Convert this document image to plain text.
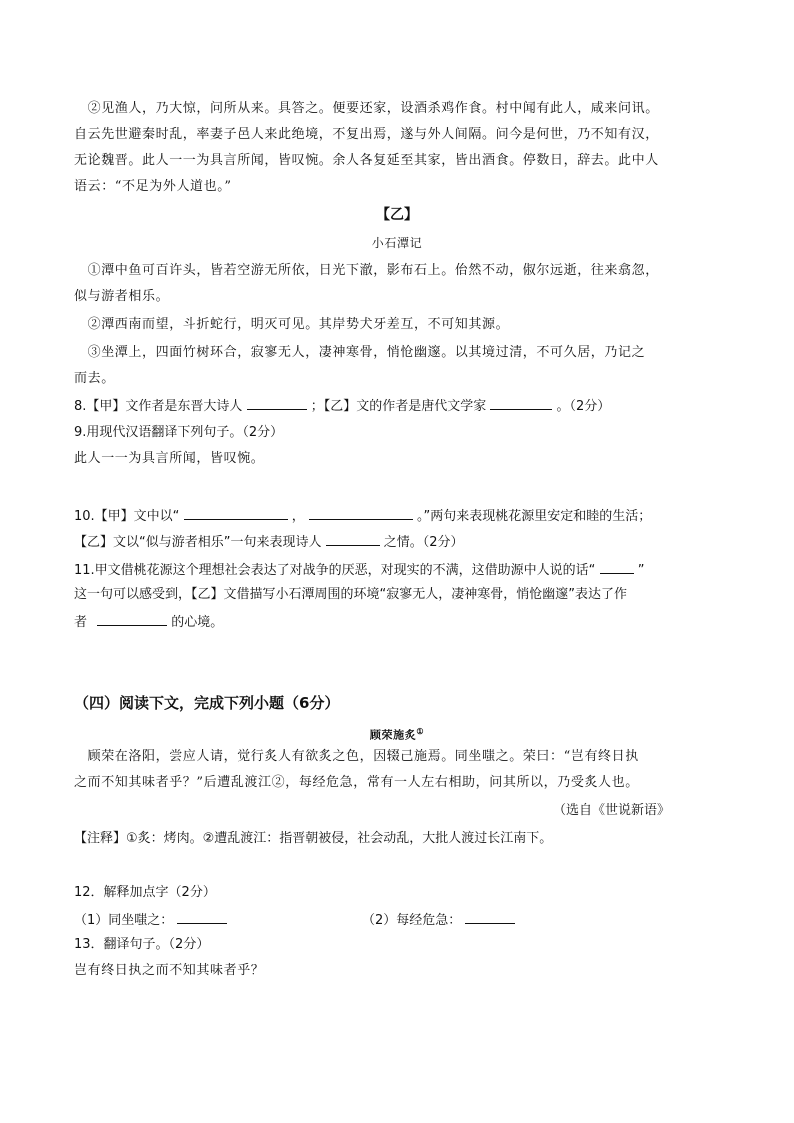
　②见渔人，乃大惊，问所从来。具答之。便要还家，设酒杀鸡作食。村中闻有此人，咸来问讯。
自云先世避秦时乱，率妻子邑人来此绝境，不复出焉，遂与外人间隔。问今是何世，乃不知有汉，
无论魏晋。此人一一为具言所闻，皆叹惋。余人各复延至其家，皆出酒食。停数日，辞去。此中人
语云：“不足为外人道也。”
【乙】
小石潭记
　①潭中鱼可百许头，皆若空游无所依，日光下澈，影布石上。佁然不动，俶尔远逝，往来翕忽，
似与游者相乐。
　②潭西南而望，斗折蛇行，明灭可见。其岸势犬牙差互，不可知其源。
　③坐潭上，四面竹树环合，寂寥无人，凄神寒骨，悄怆幽邃。以其境过清，不可久居，乃记之
而去。
8.【甲】文作者是东晋大诗人	；【乙】文的作者是唐代文学家	。（2分）
9.用现代汉语翻译下列句子。（2分）
此人一一为具言所闻，皆叹惋。
10.【甲】文中以“	，	。”两句来表现桃花源里安定和睦的生活；
【乙】文以“似与游者相乐”一句来表现诗人	之情。（2分）
11.甲文借桃花源这个理想社会表达了对战争的厌恶，对现实的不满，这借助源中人说的话“	”
这一句可以感受到，【乙】文借描写小石潭周围的环境“寂寥无人，凄神寒骨，悄怆幽邃”表达了作
者	的心境。
（四）阅读下文，完成下列小题（6分）
顾荣施炙①
　顾荣在洛阳，尝应人请，觉行炙人有欲炙之色，因辍己施焉。同坐嗤之。荣曰：“岂有终日执
之而不知其味者乎？”后遭乱渡江②，每经危急，常有一人左右相助，问其所以，乃受炙人也。
（选自《世说新语》
【注释】①炙：烤肉。②遭乱渡江：指晋朝被侵，社会动乱，大批人渡过长江南下。
12．解释加点字（2分）
（1）同坐嗤之：	（2）每经危急：
13．翻译句子。（2分）
岂有终日执之而不知其味者乎？
